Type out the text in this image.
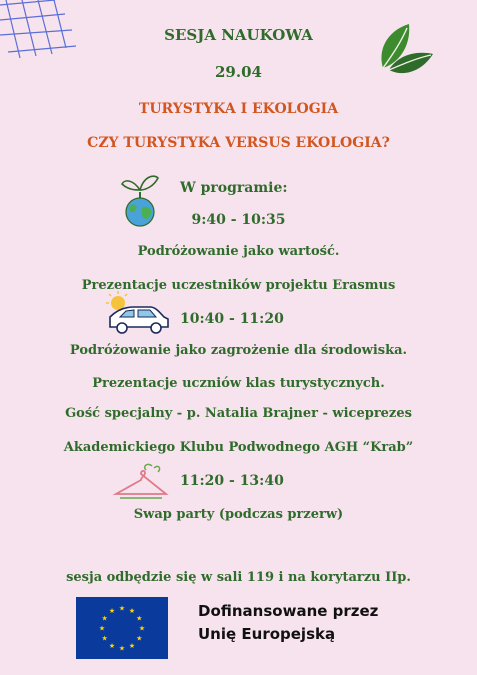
SESJA NAUKOWA
29.04
TURYSTYKA I EKOLOGIA
CZY TURYSTYKA VERSUS EKOLOGIA?
W programie:
9:40 - 10:35
Podróżowanie jako wartość.
Prezentacje uczestników projektu Erasmus
10:40 - 11:20
Podróżowanie jako zagrożenie dla środowiska.
Prezentacje uczniów klas turystycznych.
Gość specjalny - p. Natalia Brajner - wiceprezes
Akademickiego Klubu Podwodnego AGH “Krab”
11:20 - 13:40
Swap party (podczas przerw)
sesja odbędzie się w sali 119 i na korytarzu IIp.
★ ★
★
★
★
★
★
★
★
★
★
★	Dofinansowane przez
Unię Europejską
